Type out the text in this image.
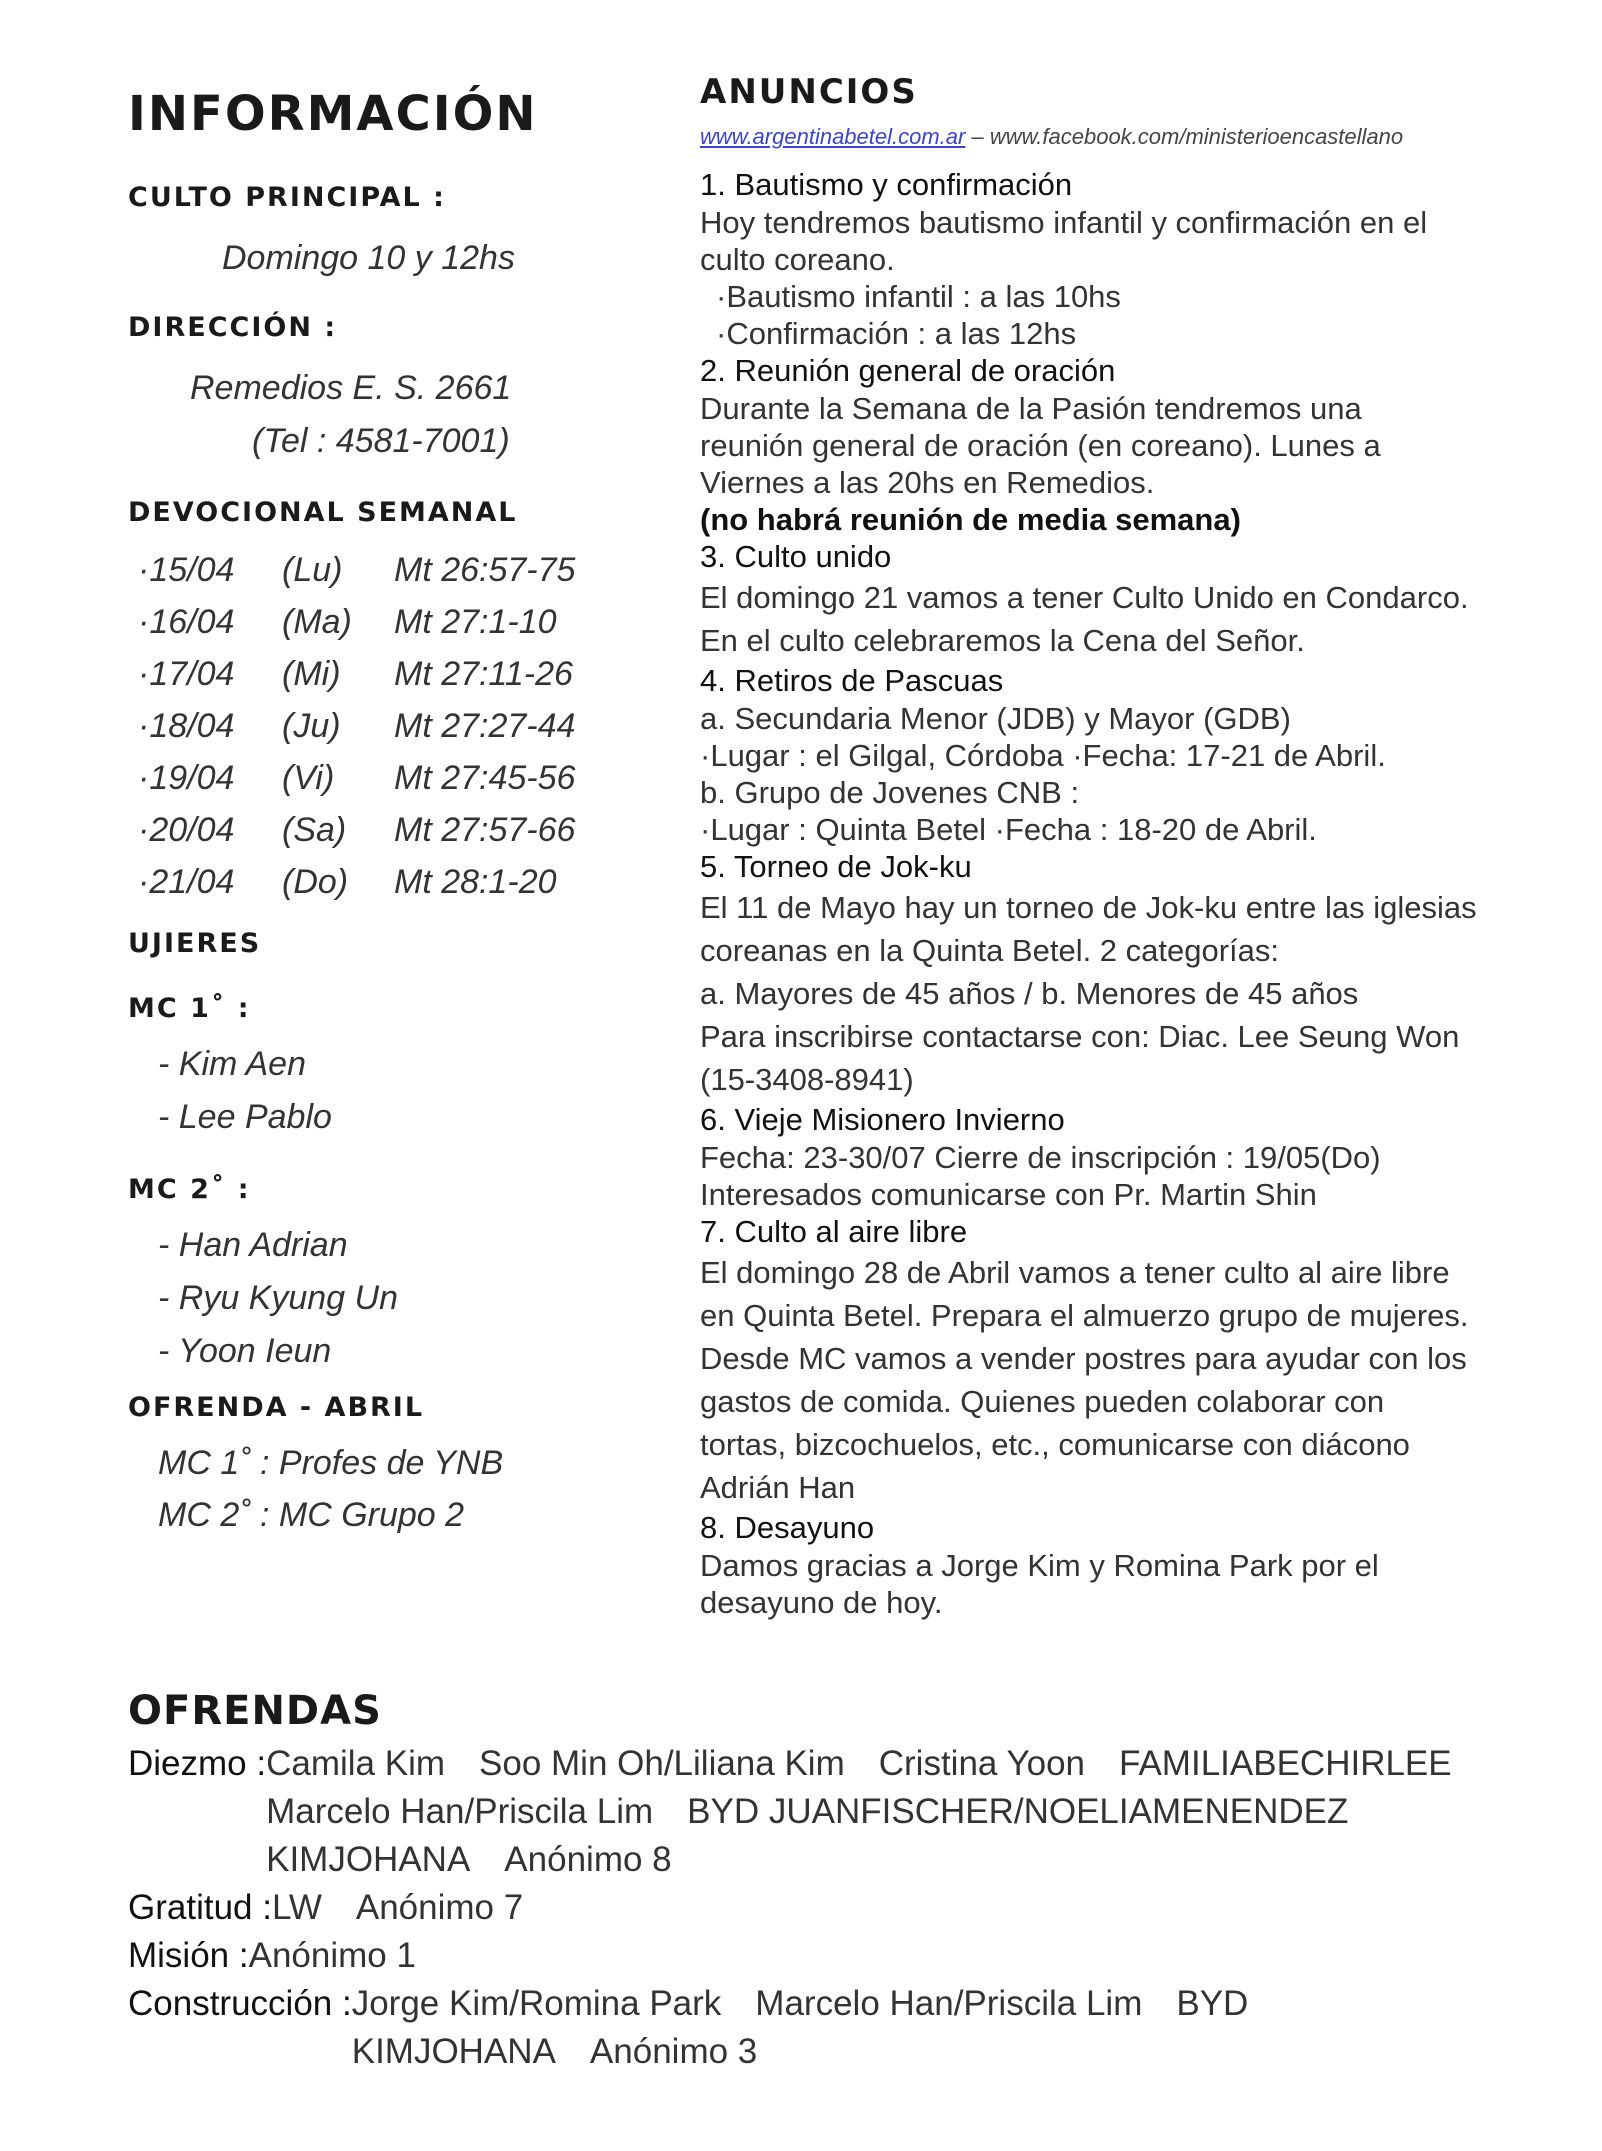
INFORMACIÓN
CULTO PRINCIPAL :
Domingo 10 y 12hs
DIRECCIÓN :
Remedios E. S. 2661
(Tel : 4581-7001)
DEVOCIONAL SEMANAL
·15/04	(Lu)	Mt 26:57-75
·16/04	(Ma)	Mt 27:1-10
·17/04	(Mi)	Mt 27:11-26
·18/04	(Ju)	Mt 27:27-44
·19/04	(Vi)	Mt 27:45-56
·20/04	(Sa)	Mt 27:57-66
·21/04	(Do)	Mt 28:1-20
UJIERES
MC 1˚ :
- Kim Aen
- Lee Pablo
MC 2˚ :
- Han Adrian
- Ryu Kyung Un
- Yoon Ieun
OFRENDA - ABRIL
MC 1˚ : Profes de YNB
MC 2˚ : MC Grupo 2
ANUNCIOS
www.argentinabetel.com.ar – www.facebook.com/ministerioencastellano
1. Bautismo y confirmación
Hoy tendremos bautismo infantil y confirmación en el
culto coreano.
·Bautismo infantil : a las 10hs
·Confirmación : a las 12hs
2. Reunión general de oración
Durante la Semana de la Pasión tendremos una
reunión general de oración (en coreano). Lunes a
Viernes a las 20hs en Remedios.
(no habrá reunión de media semana)
3. Culto unido
El domingo 21 vamos a tener Culto Unido en Condarco.
En el culto celebraremos la Cena del Señor.
4. Retiros de Pascuas
a. Secundaria Menor (JDB) y Mayor (GDB)
·Lugar : el Gilgal, Córdoba ·Fecha: 17-21 de Abril.
b. Grupo de Jovenes CNB :
·Lugar : Quinta Betel ·Fecha : 18-20 de Abril.
5. Torneo de Jok-ku
El 11 de Mayo hay un torneo de Jok-ku entre las iglesias
coreanas en la Quinta Betel. 2 categorías:
a. Mayores de 45 años / b. Menores de 45 años
Para inscribirse contactarse con: Diac. Lee Seung Won
(15-3408-8941)
6. Vieje Misionero Invierno
Fecha: 23-30/07 Cierre de inscripción : 19/05(Do)
Interesados comunicarse con Pr. Martin Shin
7. Culto al aire libre
El domingo 28 de Abril vamos a tener culto al aire libre
en Quinta Betel. Prepara el almuerzo grupo de mujeres.
Desde MC vamos a vender postres para ayudar con los
gastos de comida. Quienes pueden colaborar con
tortas, bizcochuelos, etc., comunicarse con diácono
Adrián Han
8. Desayuno
Damos gracias a Jorge Kim y Romina Park por el
desayuno de hoy.
OFRENDAS
Diezmo : Camila Kim Soo Min Oh/Liliana Kim Cristina Yoon FAMILIABECHIRLEE
Marcelo Han/Priscila Lim BYD JUANFISCHER/NOELIAMENENDEZ
KIMJOHANA Anónimo 8
Gratitud : LW Anónimo 7
Misión : Anónimo 1
Construcción : Jorge Kim/Romina Park Marcelo Han/Priscila Lim BYD
KIMJOHANA Anónimo 3
